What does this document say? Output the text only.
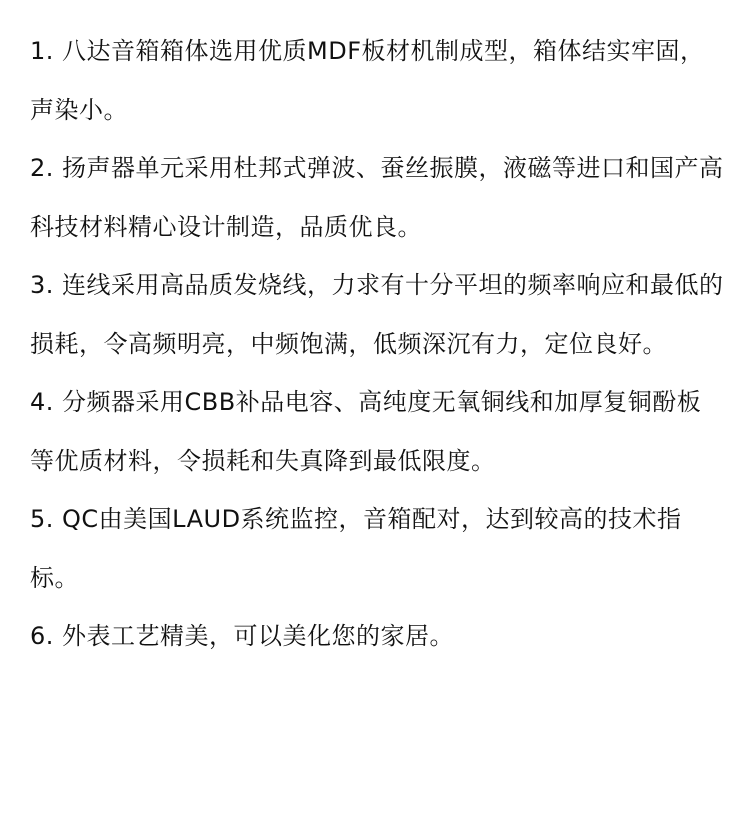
1. 八达音箱箱体选用优质MDF板材机制成型，箱体结实牢固，声染小。

2. 扬声器单元采用杜邦式弹波、蚕丝振膜，液磁等进口和国产高科技材料精心设计制造，品质优良。

3. 连线采用高品质发烧线，力求有十分平坦的频率响应和最低的损耗，令高频明亮，中频饱满，低频深沉有力，定位良好。

4. 分频器采用CBB补品电容、高纯度无氧铜线和加厚复铜酚板等优质材料，令损耗和失真降到最低限度。

5. QC由美国LAUD系统监控，音箱配对，达到较高的技术指标。

6. 外表工艺精美，可以美化您的家居。
